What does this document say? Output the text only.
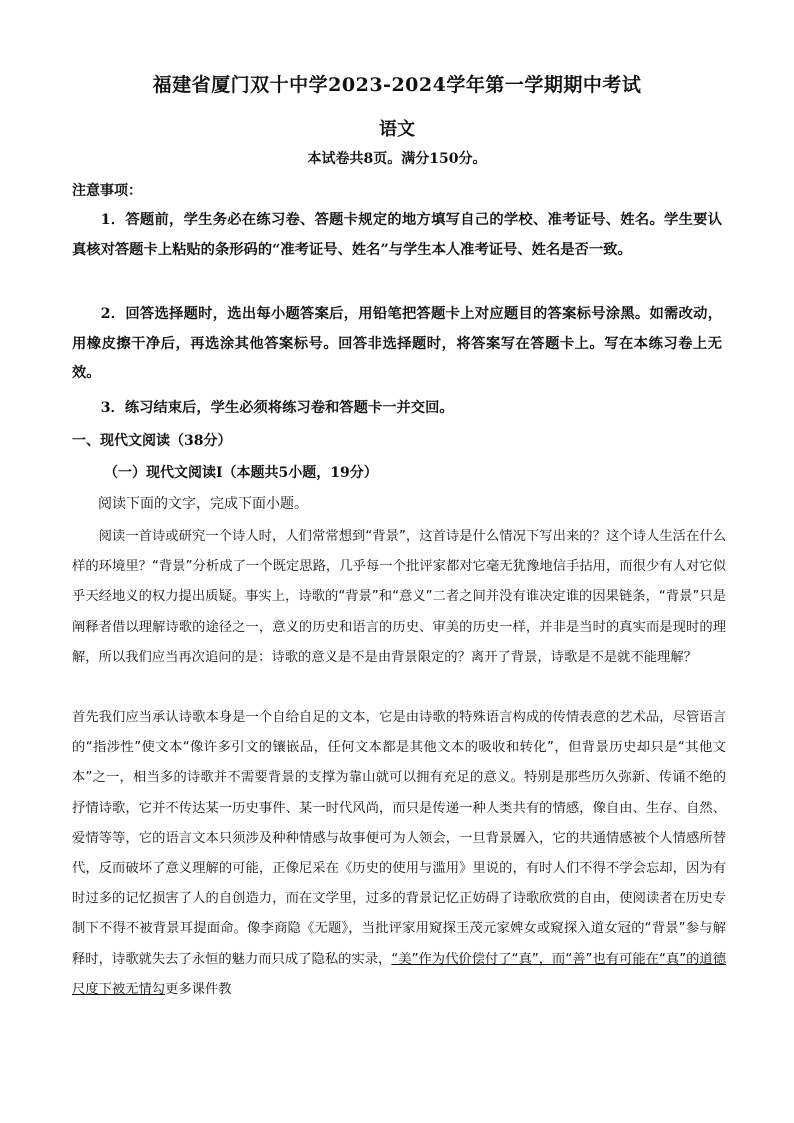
福建省厦门双十中学2023-2024学年第一学期期中考试
语文
本试卷共8页。满分150分。
注意事项：
1．答题前，学生务必在练习卷、答题卡规定的地方填写自己的学校、准考证号、姓名。学生要认真核对答题卡上粘贴的条形码的“准考证号、姓名”与学生本人准考证号、姓名是否一致。
2．回答选择题时，选出每小题答案后，用铅笔把答题卡上对应题目的答案标号涂黑。如需改动，用橡皮擦干净后，再选涂其他答案标号。回答非选择题时，将答案写在答题卡上。写在本练习卷上无效。
3．练习结束后，学生必须将练习卷和答题卡一并交回。
一、现代文阅读（38分）
（一）现代文阅读Ⅰ（本题共5小题，19分）
阅读下面的文字，完成下面小题。
阅读一首诗或研究一个诗人时，人们常常想到“背景”，这首诗是什么情况下写出来的？这个诗人生活在什么样的环境里？“背景”分析成了一个既定思路，几乎每一个批评家都对它毫无犹豫地信手拈用，而很少有人对它似乎天经地义的权力提出质疑。事实上，诗歌的“背景”和“意义”二者之间并没有谁决定谁的因果链条，“背景”只是阐释者借以理解诗歌的途径之一，意义的历史和语言的历史、审美的历史一样，并非是当时的真实而是现时的理解，所以我们应当再次追问的是：诗歌的意义是不是由背景限定的？离开了背景，诗歌是不是就不能理解？
首先我们应当承认诗歌本身是一个自给自足的文本，它是由诗歌的特殊语言构成的传情表意的艺术品，尽管语言的“指涉性”使文本“像许多引文的镶嵌品，任何文本都是其他文本的吸收和转化”，但背景历史却只是“其他文本”之一，相当多的诗歌并不需要背景的支撑为靠山就可以拥有充足的意义。特别是那些历久弥新、传诵不绝的抒情诗歌，它并不传达某一历史事件、某一时代风尚，而只是传递一种人类共有的情感，像自由、生存、自然、爱情等等，它的语言文本只须涉及种种情感与故事便可为人领会，一旦背景羼入，它的共通情感被个人情感所替代，反而破坏了意义理解的可能，正像尼采在《历史的使用与滥用》里说的，有时人们不得不学会忘却，因为有时过多的记忆损害了人的自创造力，而在文学里，过多的背景记忆正妨碍了诗歌欣赏的自由，使阅读者在历史专制下不得不被背景耳提面命。像李商隐《无题》，当批评家用窥探王茂元家婢女或窥探入道女冠的“背景”参与解释时，诗歌就失去了永恒的魅力而只成了隐私的实录，“美”作为代价偿付了“真”，而“善”也有可能在“真”的道德尺度下被无情勾更多课件教
